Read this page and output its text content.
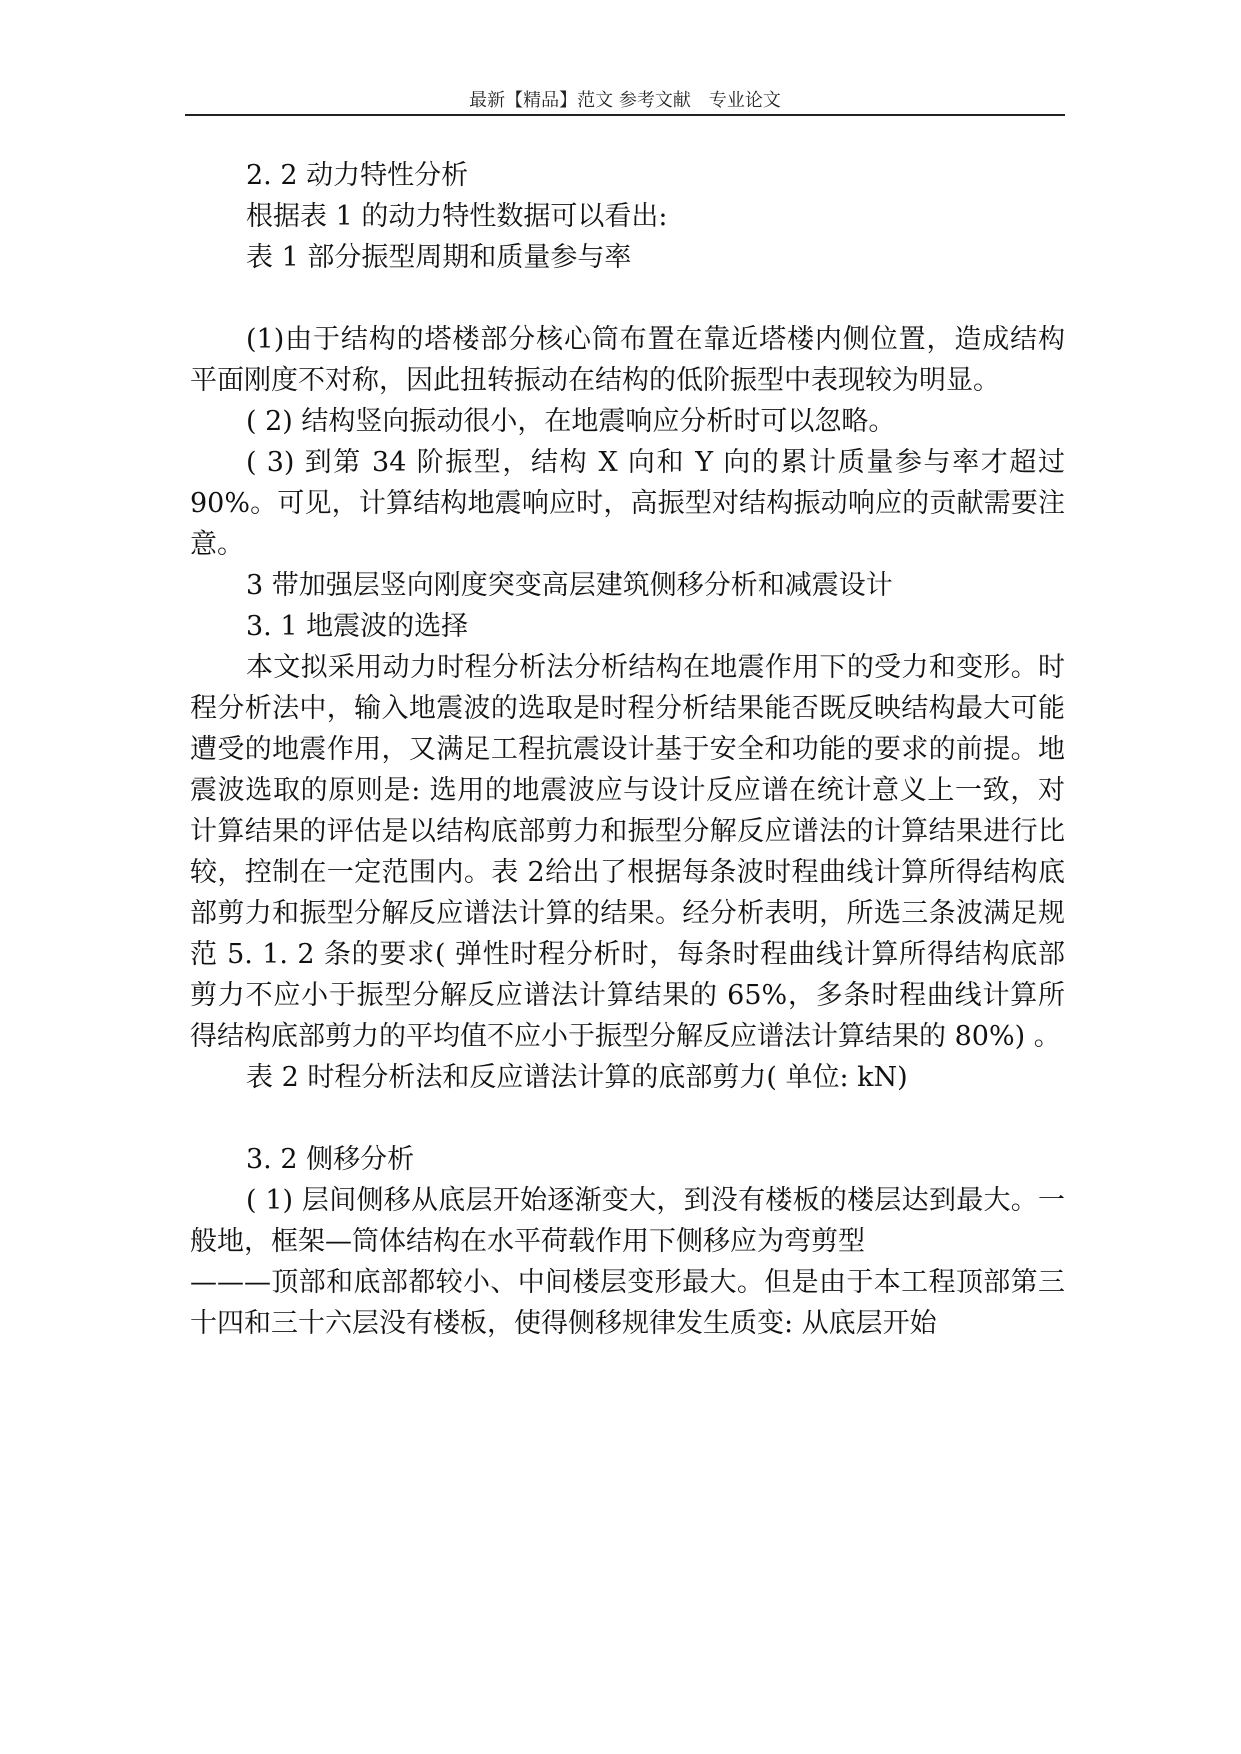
最新【精品】范文 参考文献　专业论文

2. 2 动力特性分析

根据表 1 的动力特性数据可以看出:

表 1 部分振型周期和质量参与率

(1)由于结构的塔楼部分核心筒布置在靠近塔楼内侧位置，造成结构平面刚度不对称，因此扭转振动在结构的低阶振型中表现较为明显。

( 2) 结构竖向振动很小，在地震响应分析时可以忽略。

( 3) 到第 34 阶振型，结构 X 向和 Y 向的累计质量参与率才超过 90%。可见，计算结构地震响应时，高振型对结构振动响应的贡献需要注意。

3 带加强层竖向刚度突变高层建筑侧移分析和减震设计

3. 1 地震波的选择

本文拟采用动力时程分析法分析结构在地震作用下的受力和变形。时程分析法中，输入地震波的选取是时程分析结果能否既反映结构最大可能遭受的地震作用，又满足工程抗震设计基于安全和功能的要求的前提。地震波选取的原则是: 选用的地震波应与设计反应谱在统计意义上一致，对计算结果的评估是以结构底部剪力和振型分解反应谱法的计算结果进行比较，控制在一定范围内。表 2给出了根据每条波时程曲线计算所得结构底部剪力和振型分解反应谱法计算的结果。经分析表明，所选三条波满足规范 5. 1. 2 条的要求( 弹性时程分析时，每条时程曲线计算所得结构底部剪力不应小于振型分解反应谱法计算结果的 65%，多条时程曲线计算所得结构底部剪力的平均值不应小于振型分解反应谱法计算结果的 80%) 。

表 2 时程分析法和反应谱法计算的底部剪力( 单位: kN)

3. 2 侧移分析

( 1) 层间侧移从底层开始逐渐变大，到没有楼板的楼层达到最大。一般地，框架—筒体结构在水平荷载作用下侧移应为弯剪型

———顶部和底部都较小、中间楼层变形最大。但是由于本工程顶部第三十四和三十六层没有楼板，使得侧移规律发生质变: 从底层开始
